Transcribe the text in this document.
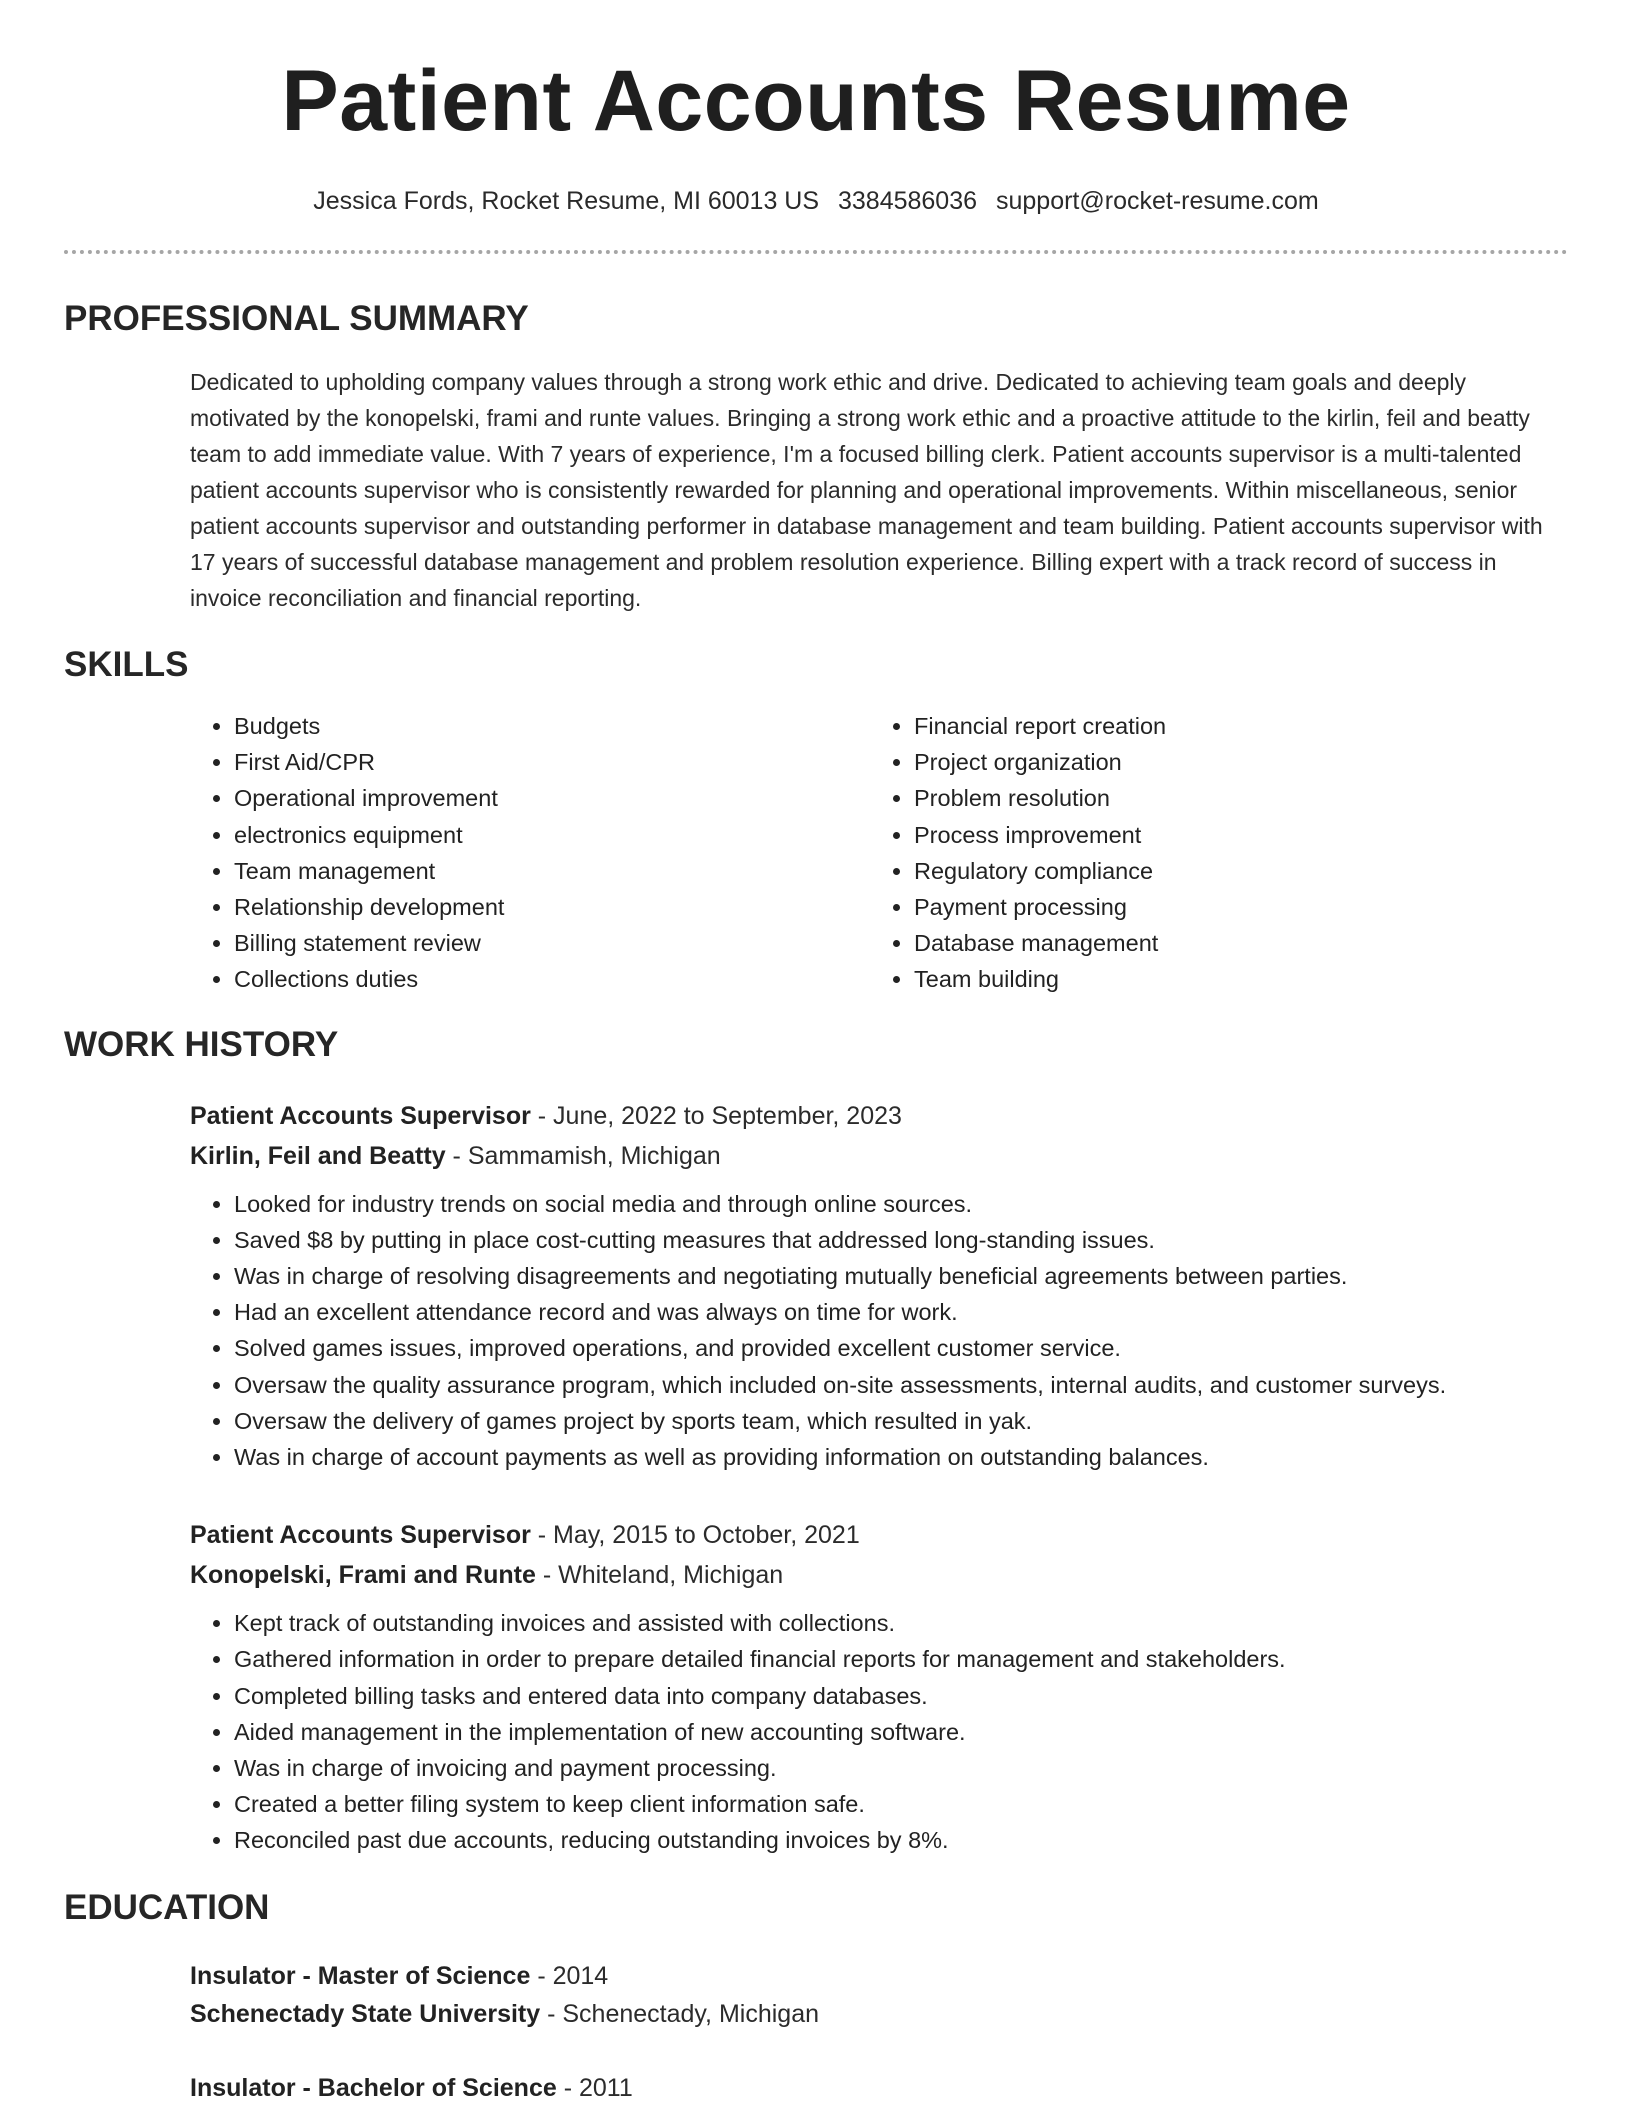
Patient Accounts Resume
Jessica Fords, Rocket Resume, MI 60013 US 3384586036 support@rocket-resume.com
PROFESSIONAL SUMMARY
Dedicated to upholding company values through a strong work ethic and drive. Dedicated to achieving team goals and deeply motivated by the konopelski, frami and runte values. Bringing a strong work ethic and a proactive attitude to the kirlin, feil and beatty team to add immediate value. With 7 years of experience, I'm a focused billing clerk. Patient accounts supervisor is a multi-talented patient accounts supervisor who is consistently rewarded for planning and operational improvements. Within miscellaneous, senior patient accounts supervisor and outstanding performer in database management and team building. Patient accounts supervisor with 17 years of successful database management and problem resolution experience. Billing expert with a track record of success in invoice reconciliation and financial reporting.
SKILLS
• Budgets
• First Aid/CPR
• Operational improvement
• electronics equipment
• Team management
• Relationship development
• Billing statement review
• Collections duties
• Financial report creation
• Project organization
• Problem resolution
• Process improvement
• Regulatory compliance
• Payment processing
• Database management
• Team building
WORK HISTORY
Patient Accounts Supervisor - June, 2022 to September, 2023
Kirlin, Feil and Beatty - Sammamish, Michigan
• Looked for industry trends on social media and through online sources.
• Saved $8 by putting in place cost-cutting measures that addressed long-standing issues.
• Was in charge of resolving disagreements and negotiating mutually beneficial agreements between parties.
• Had an excellent attendance record and was always on time for work.
• Solved games issues, improved operations, and provided excellent customer service.
• Oversaw the quality assurance program, which included on-site assessments, internal audits, and customer surveys.
• Oversaw the delivery of games project by sports team, which resulted in yak.
• Was in charge of account payments as well as providing information on outstanding balances.
Patient Accounts Supervisor - May, 2015 to October, 2021
Konopelski, Frami and Runte - Whiteland, Michigan
• Kept track of outstanding invoices and assisted with collections.
• Gathered information in order to prepare detailed financial reports for management and stakeholders.
• Completed billing tasks and entered data into company databases.
• Aided management in the implementation of new accounting software.
• Was in charge of invoicing and payment processing.
• Created a better filing system to keep client information safe.
• Reconciled past due accounts, reducing outstanding invoices by 8%.
EDUCATION
Insulator - Master of Science - 2014
Schenectady State University - Schenectady, Michigan
Insulator - Bachelor of Science - 2011
